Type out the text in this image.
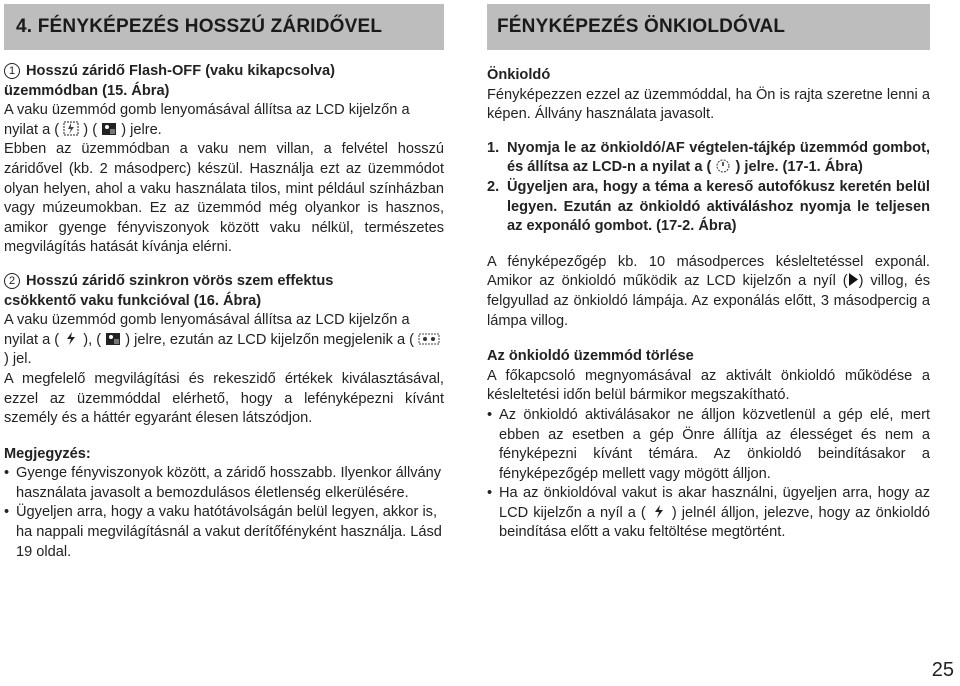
4. FÉNYKÉPEZÉS HOSSZÚ ZÁRIDŐVEL

1 Hosszú záridő Flash-OFF (vaku kikapcsolva)
üzemmódban (15. Ábra)

A vaku üzemmód gomb lenyomásával állítsa az LCD kijelzőn a nyilat a ( ) ( ) jelre.

Ebben az üzemmódban a vaku nem villan, a felvétel hosszú záridővel (kb. 2 másodperc) készül. Használja ezt az üzemmódot olyan helyen, ahol a vaku használata tilos, mint például színházban vagy múzeumokban. Ez az üzemmód még olyankor is hasznos, amikor gyenge fényviszonyok között vaku nélkül, természetes megvilágítás hatását kívánja elérni.

2 Hosszú záridő szinkron vörös szem effektus
csökkentő vaku funkcióval (16. Ábra)

A vaku üzemmód gomb lenyomásával állítsa az LCD kijelzőn a nyilat a ( ), ( ) jelre, ezután az LCD kijelzőn megjelenik a (
) jel.

A megfelelő megvilágítási és rekeszidő értékek kiválasztásával, ezzel az üzemmóddal elérhető, hogy a lefényképezni kívánt személy és a háttér egyaránt élesen látszódjon.

Megjegyzés:

• Gyenge fényviszonyok között, a záridő hosszabb. Ilyenkor állvány használata javasolt a bemozdulásos életlenség elkerülésére.
• Ügyeljen arra, hogy a vaku hatótávolságán belül legyen, akkor is, ha nappali megvilágításnál a vakut derítőfényként használja. Lásd 19 oldal.
FÉNYKÉPEZÉS ÖNKIOLDÓVAL

Önkioldó

Fényképezzen ezzel az üzemmóddal, ha Ön is rajta szeretne lenni a képen. Állvány használata javasolt.

1. Nyomja le az önkioldó/AF végtelen-tájkép üzemmód gombot, és állítsa az LCD-n a nyilat a ( ) jelre. (17-1. Ábra)
2. Ügyeljen ara, hogy a téma a kereső autofókusz keretén belül legyen. Ezután az önkioldó aktiváláshoz nyomja le teljesen az exponáló gombot. (17-2. Ábra)

A fényképezőgép kb. 10 másodperces késleltetéssel exponál. Amikor az önkioldó működik az LCD kijelzőn a nyíl ( ) villog, és felgyullad az önkioldó lámpája. Az exponálás előtt, 3 másodpercig a lámpa villog.

Az önkioldó üzemmód törlése

A főkapcsoló megnyomásával az aktivált önkioldó működése a késleltetési időn belül bármikor megszakítható.

• Az önkioldó aktiválásakor ne álljon közvetlenül a gép elé, mert ebben az esetben a gép Önre állítja az élességet és nem a fényképezni kívánt témára. Az önkioldó beindításakor a fényképezőgép mellett vagy mögött álljon.
• Ha az önkioldóval vakut is akar használni, ügyeljen arra, hogy az LCD kijelzőn a nyíl a ( ) jelnél álljon, jelezve, hogy az önkioldó beindítása előtt a vaku feltöltése megtörtént.
25
